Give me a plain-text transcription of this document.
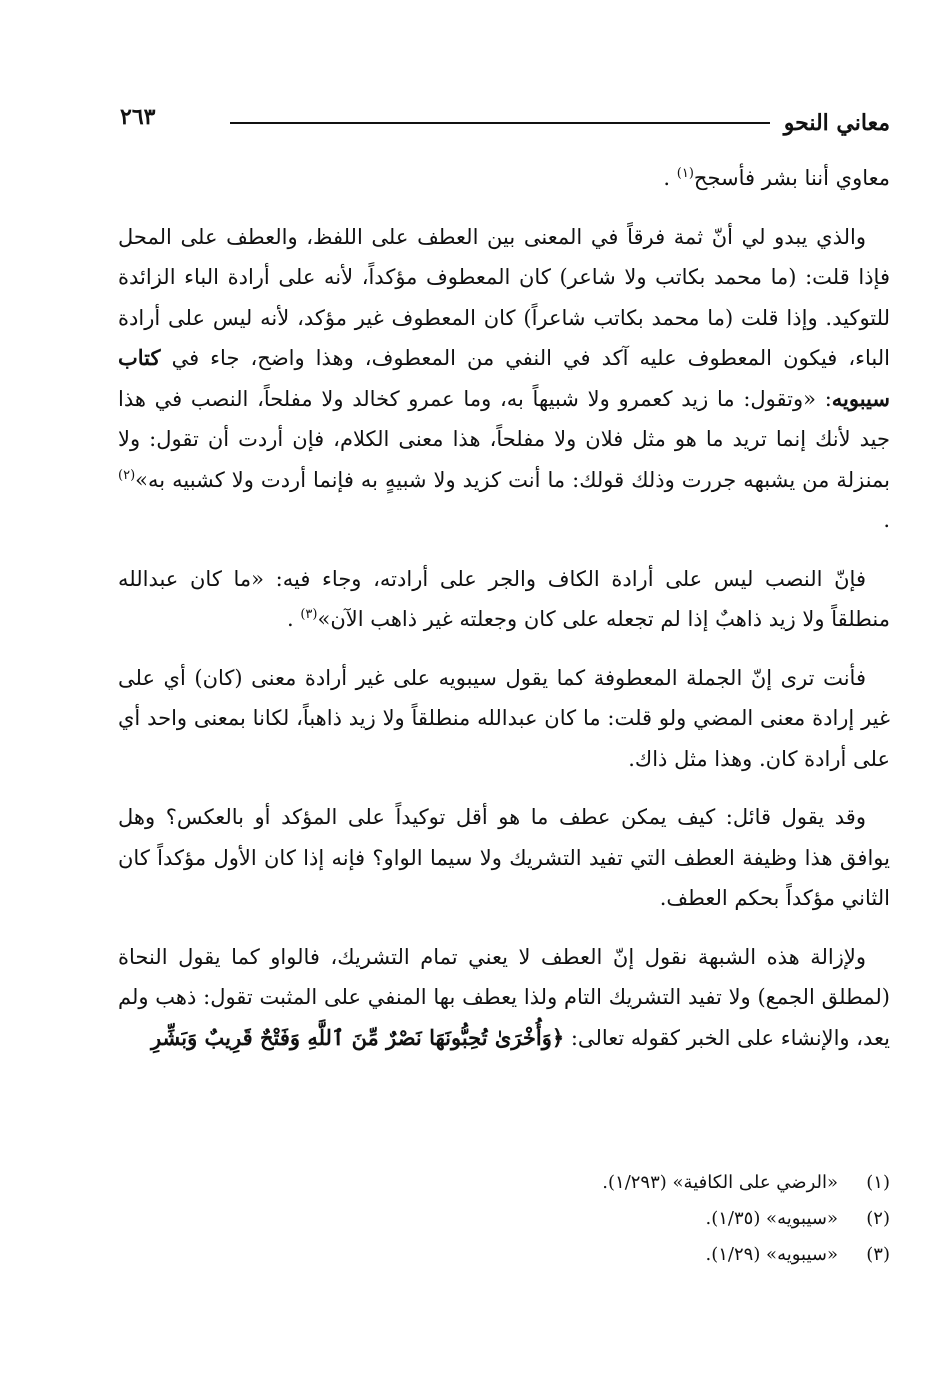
معاني النحو
٢٦٣

معاوي أننا بشر فأسجح$^{(١)}$ .

والذي يبدو لي أنّ ثمة فرقاً في المعنى بين العطف على اللفظ، والعطف على المحل فإذا قلت: (ما محمد بكاتب ولا شاعر) كان المعطوف مؤكداً، لأنه على أرادة الباء الزائدة للتوكيد. وإذا قلت (ما محمد بكاتب شاعراً) كان المعطوف غير مؤكد، لأنه ليس على أرادة الباء، فيكون المعطوف عليه آكد في النفي من المعطوف، وهذا واضح، جاء في كتاب سيبويه: «وتقول: ما زيد كعمرو ولا شبيهاً به، وما عمرو كخالد ولا مفلحاً، النصب في هذا جيد لأنك إنما تريد ما هو مثل فلان ولا مفلحاً، هذا معنى الكلام، فإن أردت أن تقول: ولا بمنزلة من يشبهه جررت وذلك قولك: ما أنت كزيد ولا شبيهٍ به فإنما أردت ولا كشبيه به»$^{(٢)}$ .

فإنّ النصب ليس على أرادة الكاف والجر على أرادته، وجاء فيه: «ما كان عبدالله منطلقاً ولا زيد ذاهبٌ إذا لم تجعله على كان وجعلته غير ذاهب الآن»$^{(٣)}$ .

فأنت ترى إنّ الجملة المعطوفة كما يقول سيبويه على غير أرادة معنى (كان) أي على غير إرادة معنى المضي ولو قلت: ما كان عبدالله منطلقاً ولا زيد ذاهباً، لكانا بمعنى واحد أي على أرادة كان. وهذا مثل ذاك.

وقد يقول قائل: كيف يمكن عطف ما هو أقل توكيداً على المؤكد أو بالعكس؟ وهل يوافق هذا وظيفة العطف التي تفيد التشريك ولا سيما الواو؟ فإنه إذا كان الأول مؤكداً كان الثاني مؤكداً بحكم العطف.

ولإزالة هذه الشبهة نقول إنّ العطف لا يعني تمام التشريك، فالواو كما يقول النحاة (لمطلق الجمع) ولا تفيد التشريك التام ولذا يعطف بها المنفي على المثبت تقول: ذهب ولم يعد، والإنشاء على الخبر كقوله تعالى: ﴿وَأُخْرَىٰ تُحِبُّونَهَا نَصْرٌ مِّنَ ٱللَّهِ وَفَتْحٌ قَرِيبٌ وَبَشِّرِ

(١)
«الرضي على الكافية» (١/٢٩٣).
(٢)
«سيبويه» (١/٣٥).
(٣)
«سيبويه» (١/٢٩).
